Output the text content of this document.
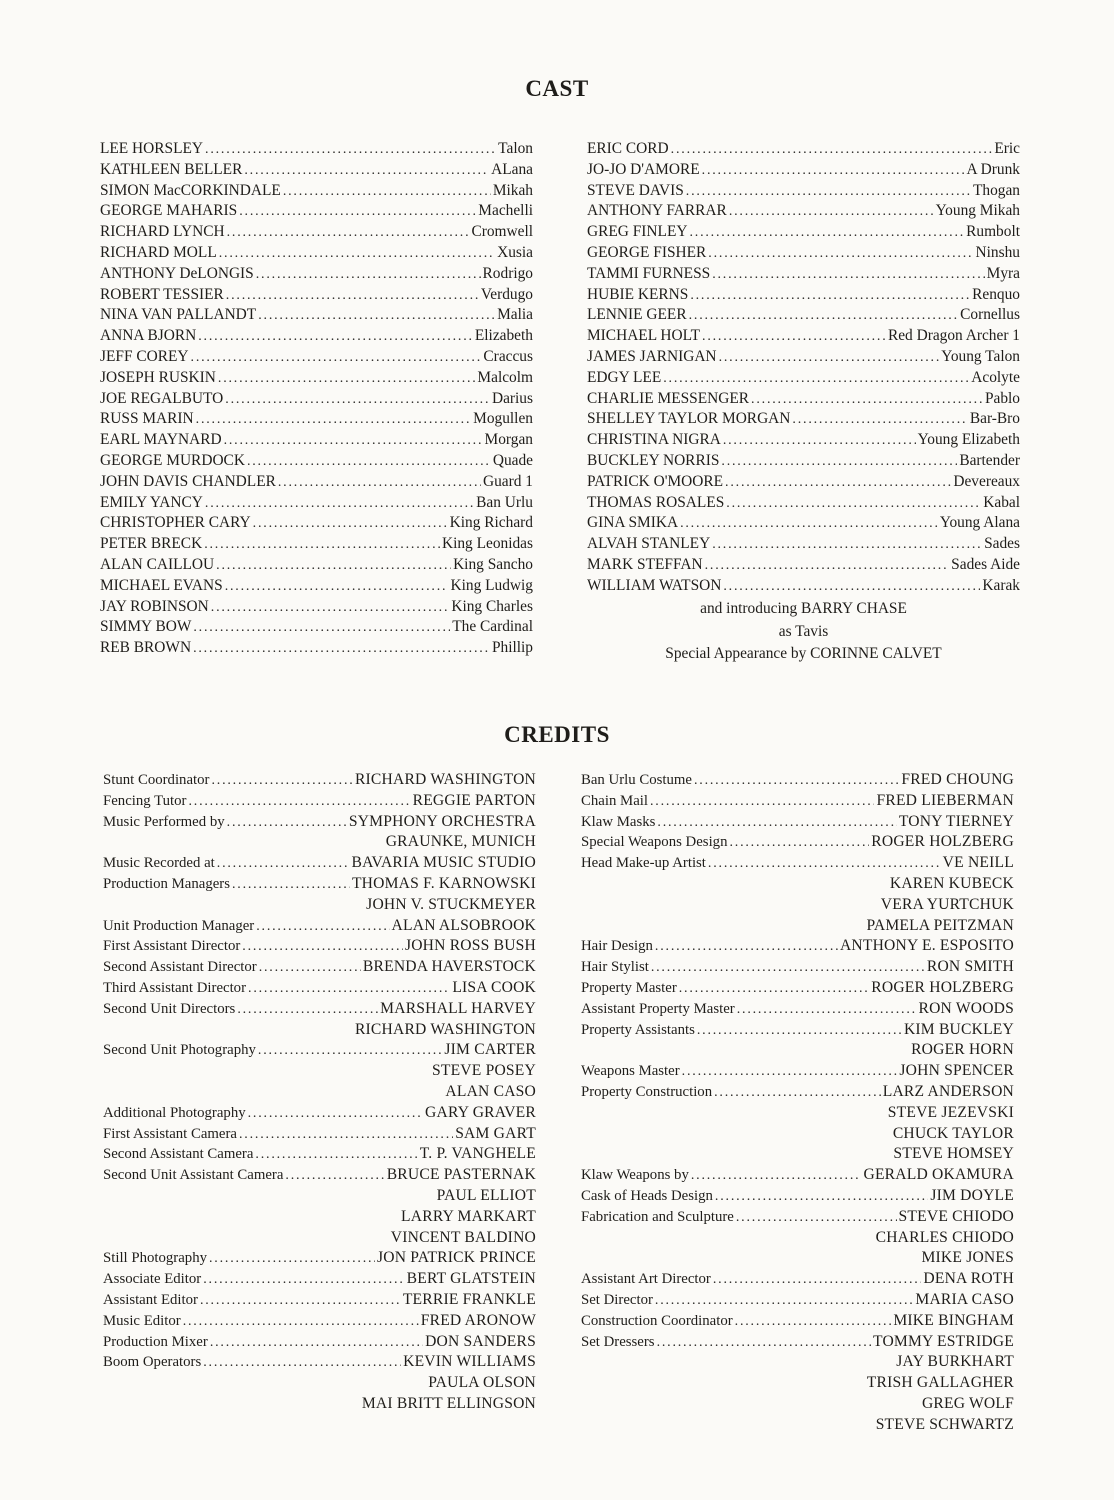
CAST
LEE HORSLEY .....	Talon
KATHLEEN BELLER .....	ALana
SIMON MacCORKINDALE .....	Mikah
GEORGE MAHARIS .....	Machelli
RICHARD LYNCH .....	Cromwell
RICHARD MOLL .....	Xusia
ANTHONY DeLONGIS .....	Rodrigo
ROBERT TESSIER .....	Verdugo
NINA VAN PALLANDT .....	Malia
ANNA BJORN .....	Elizabeth
JEFF COREY .....	Craccus
JOSEPH RUSKIN .....	Malcolm
JOE REGALBUTO .....	Darius
RUSS MARIN .....	Mogullen
EARL MAYNARD .....	Morgan
GEORGE MURDOCK .....	Quade
JOHN DAVIS CHANDLER .....	Guard 1
EMILY YANCY .....	Ban Urlu
CHRISTOPHER CARY .....	King Richard
PETER BRECK .....	King Leonidas
ALAN CAILLOU .....	King Sancho
MICHAEL EVANS .....	King Ludwig
JAY ROBINSON .....	King Charles
SIMMY BOW .....	The Cardinal
REB BROWN .....	Phillip
ERIC CORD .....	Eric
JO-JO D'AMORE .....	A Drunk
STEVE DAVIS .....	Thogan
ANTHONY FARRAR .....	Young Mikah
GREG FINLEY .....	Rumbolt
GEORGE FISHER .....	Ninshu
TAMMI FURNESS .....	Myra
HUBIE KERNS .....	Renquo
LENNIE GEER .....	Cornellus
MICHAEL HOLT .....	Red Dragon Archer 1
JAMES JARNIGAN .....	Young Talon
EDGY LEE .....	Acolyte
CHARLIE MESSENGER .....	Pablo
SHELLEY TAYLOR MORGAN .....	Bar-Bro
CHRISTINA NIGRA .....	Young Elizabeth
BUCKLEY NORRIS .....	Bartender
PATRICK O'MOORE .....	Devereaux
THOMAS ROSALES .....	Kabal
GINA SMIKA .....	Young Alana
ALVAH STANLEY .....	Sades
MARK STEFFAN .....	Sades Aide
WILLIAM WATSON .....	Karak
and introducing BARRY CHASE
as Tavis
Special Appearance by CORINNE CALVET
CREDITS
Stunt Coordinator .....	RICHARD WASHINGTON
Fencing Tutor .....	REGGIE PARTON
Music Performed by .....	SYMPHONY ORCHESTRA
GRAUNKE, MUNICH
Music Recorded at .....	BAVARIA MUSIC STUDIO
Production Managers .....	THOMAS F. KARNOWSKI
JOHN V. STUCKMEYER
Unit Production Manager .....	ALAN ALSOBROOK
First Assistant Director .....	JOHN ROSS BUSH
Second Assistant Director .....	BRENDA HAVERSTOCK
Third Assistant Director .....	LISA COOK
Second Unit Directors .....	MARSHALL HARVEY
RICHARD WASHINGTON
Second Unit Photography .....	JIM CARTER
STEVE POSEY
ALAN CASO
Additional Photography .....	GARY GRAVER
First Assistant Camera .....	SAM GART
Second Assistant Camera .....	T. P. VANGHELE
Second Unit Assistant Camera .....	BRUCE PASTERNAK
PAUL ELLIOT
LARRY MARKART
VINCENT BALDINO
Still Photography .....	JON PATRICK PRINCE
Associate Editor .....	BERT GLATSTEIN
Assistant Editor .....	TERRIE FRANKLE
Music Editor .....	FRED ARONOW
Production Mixer .....	DON SANDERS
Boom Operators .....	KEVIN WILLIAMS
PAULA OLSON
MAI BRITT ELLINGSON
Ban Urlu Costume .....	FRED CHOUNG
Chain Mail .....	FRED LIEBERMAN
Klaw Masks .....	TONY TIERNEY
Special Weapons Design .....	ROGER HOLZBERG
Head Make-up Artist .....	VE NEILL
KAREN KUBECK
VERA YURTCHUK
PAMELA PEITZMAN
Hair Design .....	ANTHONY E. ESPOSITO
Hair Stylist .....	RON SMITH
Property Master .....	ROGER HOLZBERG
Assistant Property Master .....	RON WOODS
Property Assistants .....	KIM BUCKLEY
ROGER HORN
Weapons Master .....	JOHN SPENCER
Property Construction .....	LARZ ANDERSON
STEVE JEZEVSKI
CHUCK TAYLOR
STEVE HOMSEY
Klaw Weapons by .....	GERALD OKAMURA
Cask of Heads Design .....	JIM DOYLE
Fabrication and Sculpture .....	STEVE CHIODO
CHARLES CHIODO
MIKE JONES
Assistant Art Director .....	DENA ROTH
Set Director .....	MARIA CASO
Construction Coordinator .....	MIKE BINGHAM
Set Dressers .....	TOMMY ESTRIDGE
JAY BURKHART
TRISH GALLAGHER
GREG WOLF
STEVE SCHWARTZ
